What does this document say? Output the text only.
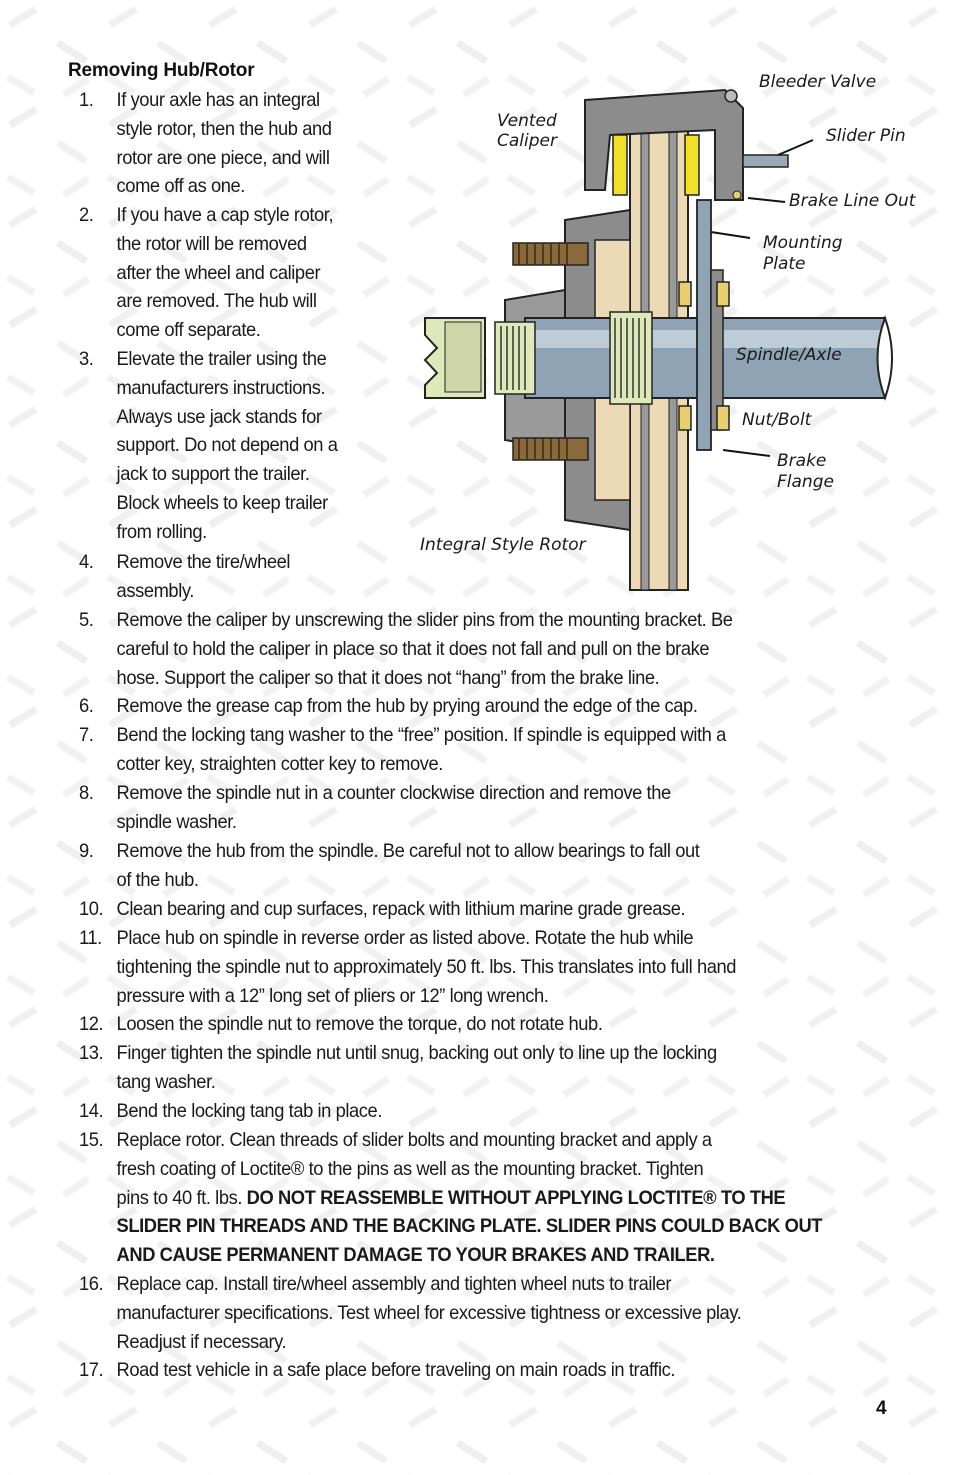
Removing Hub/Rotor
Bleeder Valve
Vented
Caliper	Slider Pin
Brake Line Out
Mounting
Plate
Spindle/Axle
Nut/Bolt
Brake
Flange
Integral Style Rotor
1.	If your axle has an integral
style rotor, then the hub and
rotor are one piece, and will
come off as one.
2.	If you have a cap style rotor,
the rotor will be removed
after the wheel and caliper
are removed. The hub will
come off separate.
3.	Elevate the trailer using the
manufacturers instructions.
Always use jack stands for
support. Do not depend on a
jack to support the trailer.
Block wheels to keep trailer
from rolling.
4.	Remove the tire/wheel
assembly.
5.	Remove the caliper by unscrewing the slider pins from the mounting bracket. Be
careful to hold the caliper in place so that it does not fall and pull on the brake
hose. Support the caliper so that it does not “hang” from the brake line.
6.	Remove the grease cap from the hub by prying around the edge of the cap.
7.	Bend the locking tang washer to the “free” position. If spindle is equipped with a
cotter key, straighten cotter key to remove.
8.	Remove the spindle nut in a counter clockwise direction and remove the
spindle washer.
9.	Remove the hub from the spindle. Be careful not to allow bearings to fall out
of the hub.
10. Clean bearing and cup surfaces, repack with lithium marine grade grease.
11. Place hub on spindle in reverse order as listed above. Rotate the hub while
tightening the spindle nut to approximately 50 ft. lbs. This translates into full hand
pressure with a 12” long set of pliers or 12” long wrench.
12. Loosen the spindle nut to remove the torque, do not rotate hub.
13. Finger tighten the spindle nut until snug, backing out only to line up the locking
tang washer.
14. Bend the locking tang tab in place.
15. Replace rotor. Clean threads of slider bolts and mounting bracket and apply a
fresh coating of Loctite® to the pins as well as the mounting bracket. Tighten
pins to 40 ft. lbs. DO NOT REASSEMBLE WITHOUT APPLYING LOCTITE® TO THE
SLIDER PIN THREADS AND THE BACKING PLATE. SLIDER PINS COULD BACK OUT
AND CAUSE PERMANENT DAMAGE TO YOUR BRAKES AND TRAILER.
16. Replace cap. Install tire/wheel assembly and tighten wheel nuts to trailer
manufacturer specifications. Test wheel for excessive tightness or excessive play.
Readjust if necessary.
17. Road test vehicle in a safe place before traveling on main roads in traffic.
4
